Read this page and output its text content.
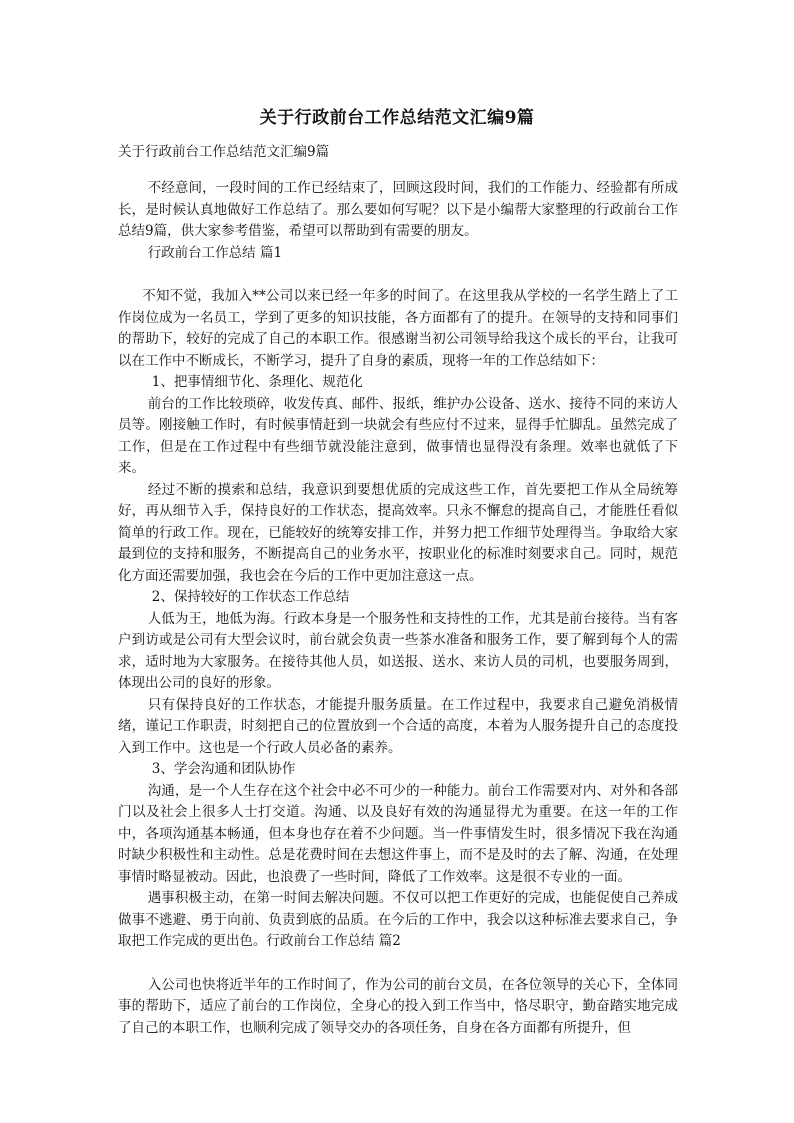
关于行政前台工作总结范文汇编9篇
关于行政前台工作总结范文汇编9篇

不经意间，一段时间的工作已经结束了，回顾这段时间，我们的工作能力、经验都有所成长，是时候认真地做好工作总结了。那么要如何写呢？以下是小编帮大家整理的行政前台工作总结9篇，供大家参考借鉴，希望可以帮助到有需要的朋友。

行政前台工作总结 篇1

不知不觉，我加入**公司以来已经一年多的时间了。在这里我从学校的一名学生踏上了工作岗位成为一名员工，学到了更多的知识技能，各方面都有了的提升。在领导的支持和同事们的帮助下，较好的完成了自己的本职工作。很感谢当初公司领导给我这个成长的平台，让我可以在工作中不断成长，不断学习，提升了自身的素质，现将一年的工作总结如下：

1、把事情细节化、条理化、规范化

前台的工作比较琐碎，收发传真、邮件、报纸，维护办公设备、送水、接待不同的来访人员等。刚接触工作时，有时候事情赶到一块就会有些应付不过来，显得手忙脚乱。虽然完成了工作，但是在工作过程中有些细节就没能注意到，做事情也显得没有条理。效率也就低了下来。

经过不断的摸索和总结，我意识到要想优质的完成这些工作，首先要把工作从全局统筹好，再从细节入手，保持良好的工作状态，提高效率。只永不懈怠的提高自己，才能胜任看似简单的行政工作。现在，已能较好的统筹安排工作，并努力把工作细节处理得当。争取给大家最到位的支持和服务，不断提高自己的业务水平，按职业化的标准时刻要求自己。同时，规范化方面还需要加强，我也会在今后的工作中更加注意这一点。

2、保持较好的工作状态工作总结

人低为王，地低为海。行政本身是一个服务性和支持性的工作，尤其是前台接待。当有客户到访或是公司有大型会议时，前台就会负责一些茶水准备和服务工作，要了解到每个人的需求，适时地为大家服务。在接待其他人员，如送报、送水、来访人员的司机，也要服务周到，体现出公司的良好的形象。

只有保持良好的工作状态，才能提升服务质量。在工作过程中，我要求自己避免消极情绪，谨记工作职责，时刻把自己的位置放到一个合适的高度，本着为人服务提升自己的态度投入到工作中。这也是一个行政人员必备的素养。

3、学会沟通和团队协作

沟通，是一个人生存在这个社会中必不可少的一种能力。前台工作需要对内、对外和各部门以及社会上很多人士打交道。沟通、以及良好有效的沟通显得尤为重要。在这一年的工作中，各项沟通基本畅通，但本身也存在着不少问题。当一件事情发生时，很多情况下我在沟通时缺少积极性和主动性。总是花费时间在去想这件事上，而不是及时的去了解、沟通，在处理事情时略显被动。因此，也浪费了一些时间，降低了工作效率。这是很不专业的一面。

遇事积极主动，在第一时间去解决问题。不仅可以把工作更好的完成，也能促使自己养成做事不逃避、勇于向前、负责到底的品质。在今后的工作中，我会以这种标准去要求自己，争取把工作完成的更出色。行政前台工作总结 篇2

入公司也快将近半年的工作时间了，作为公司的前台文员，在各位领导的关心下，全体同事的帮助下，适应了前台的工作岗位，全身心的投入到工作当中，恪尽职守，勤奋踏实地完成了自己的本职工作，也顺利完成了领导交办的各项任务，自身在各方面都有所提升，但
